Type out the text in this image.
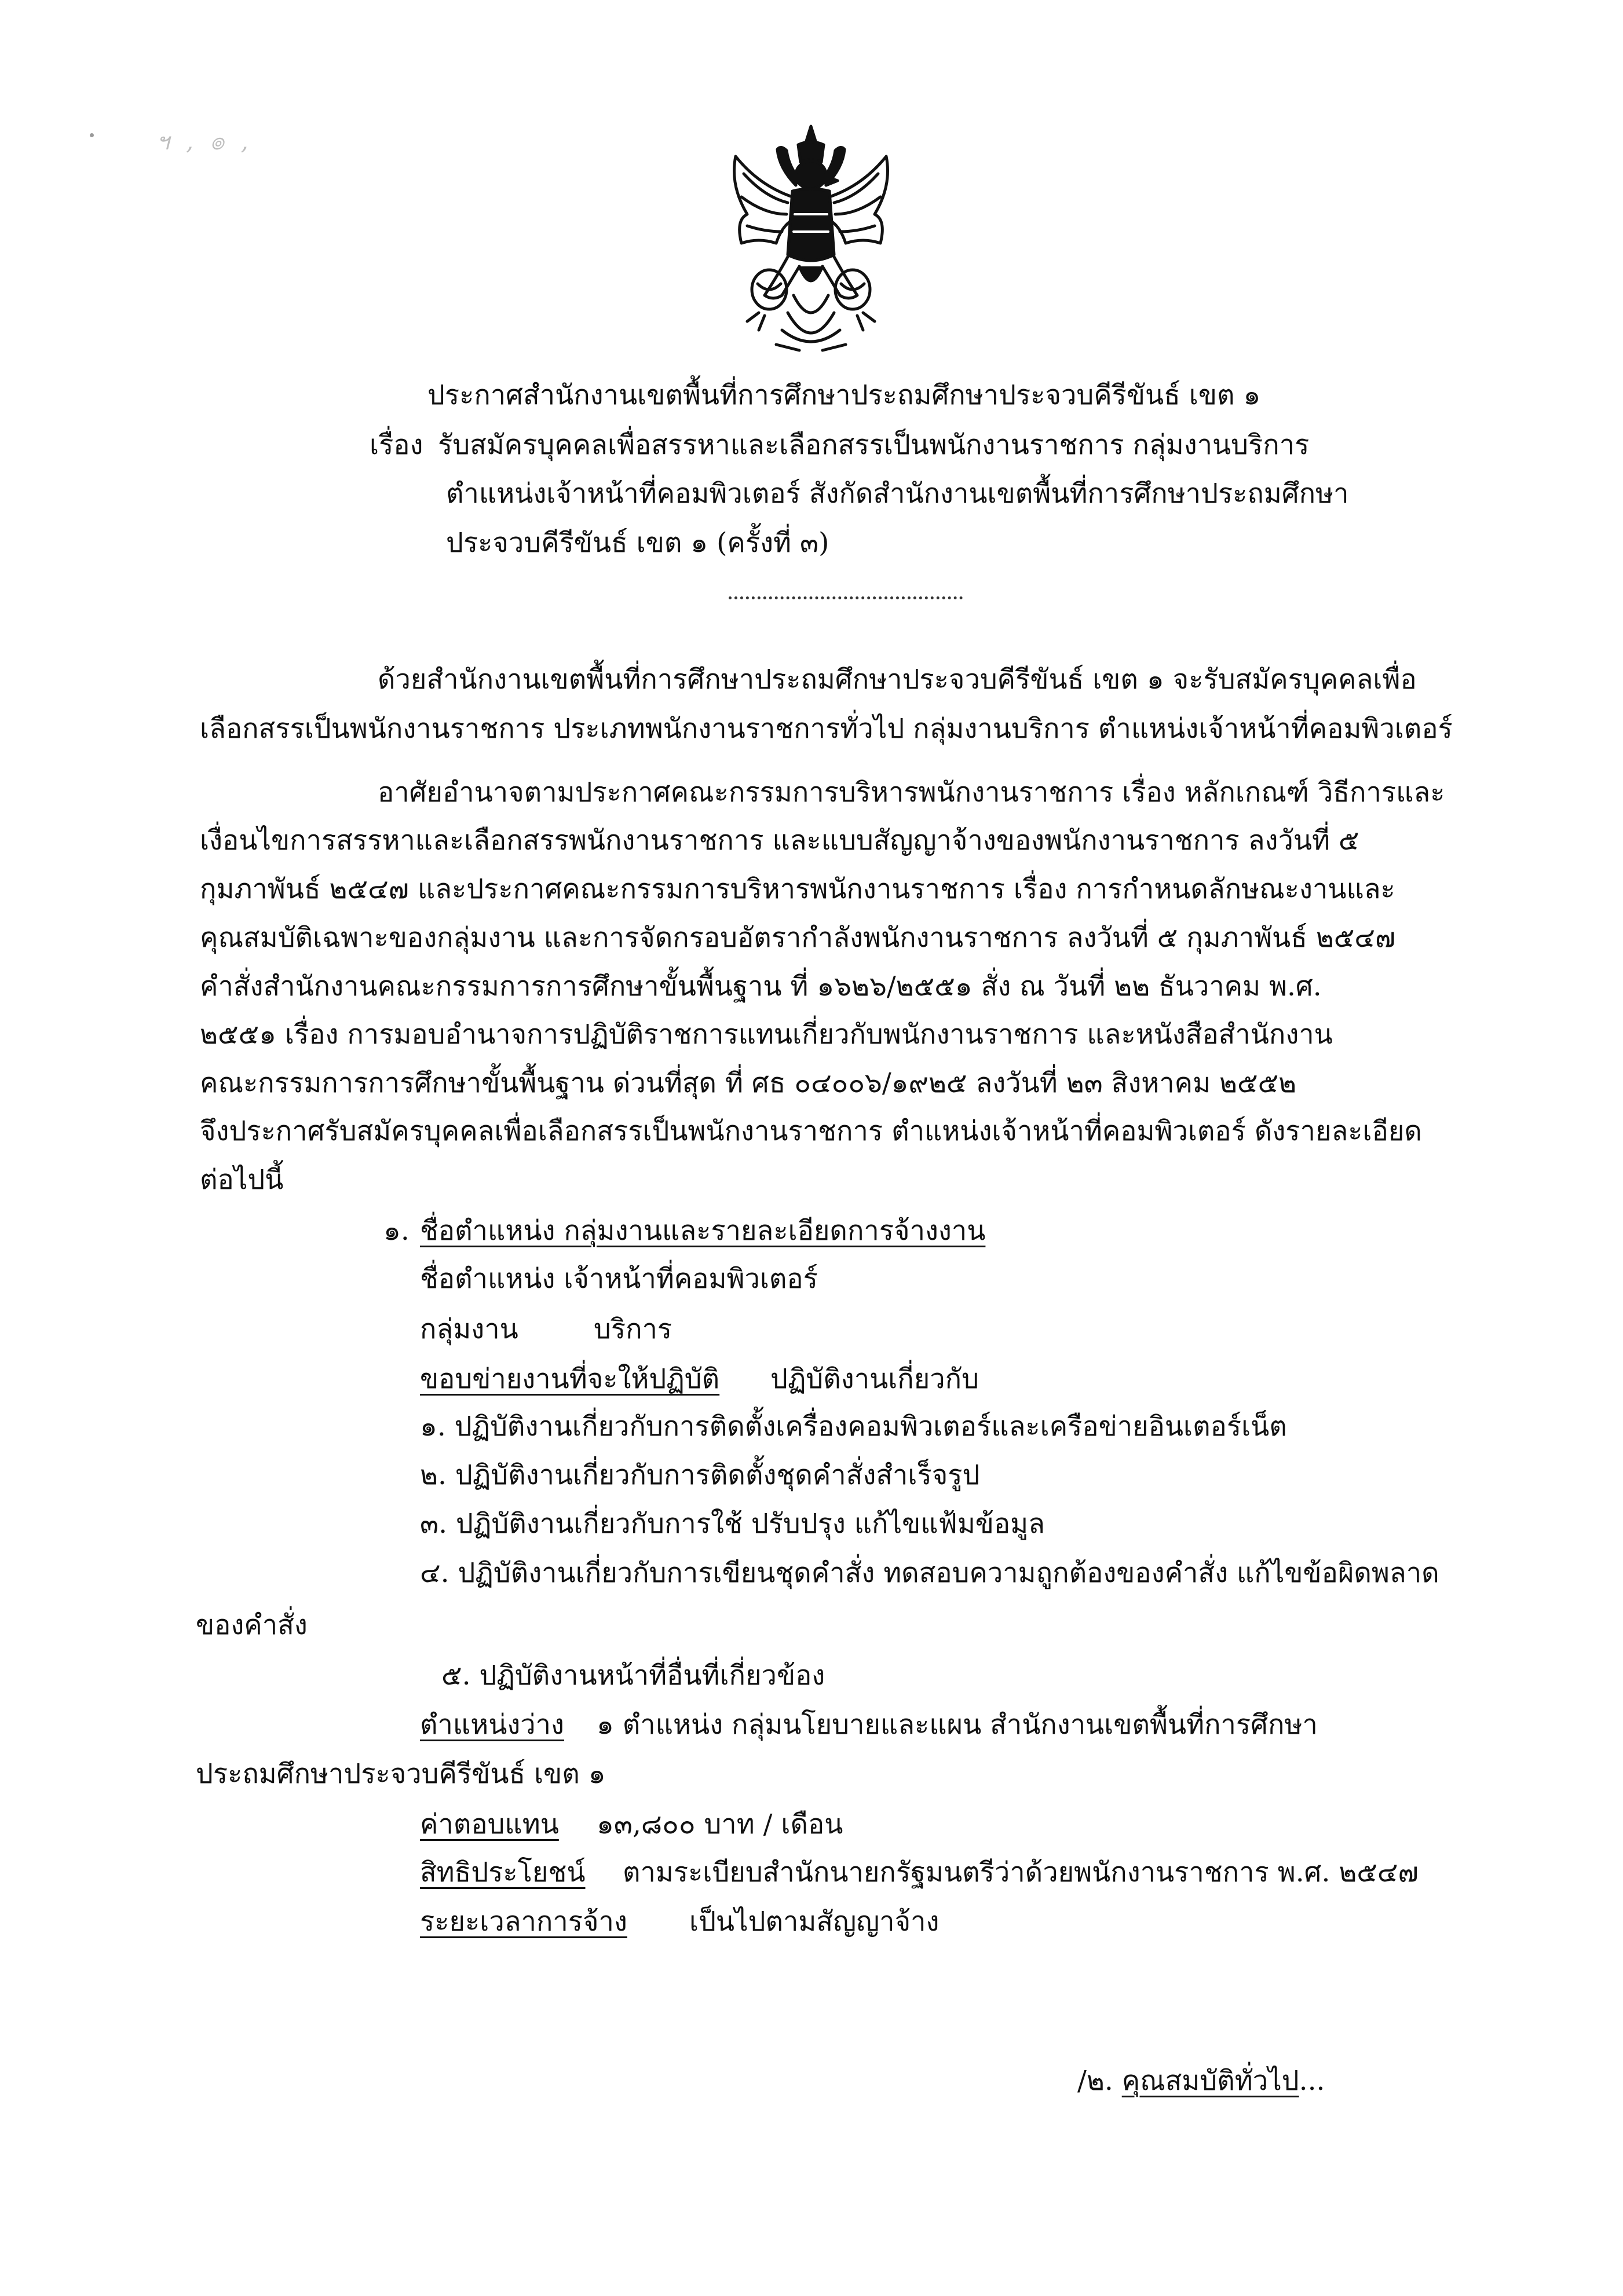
ฯ , ๏ ,
ประกาศสำนักงานเขตพื้นที่การศึกษาประถมศึกษาประจวบคีรีขันธ์ เขต ๑
เรื่อง รับสมัครบุคคลเพื่อสรรหาและเลือกสรรเป็นพนักงานราชการ กลุ่มงานบริการ
ตำแหน่งเจ้าหน้าที่คอมพิวเตอร์ สังกัดสำนักงานเขตพื้นที่การศึกษาประถมศึกษา
ประจวบคีรีขันธ์ เขต ๑ (ครั้งที่ ๓)
ด้วยสำนักงานเขตพื้นที่การศึกษาประถมศึกษาประจวบคีรีขันธ์ เขต ๑ จะรับสมัครบุคคลเพื่อ
เลือกสรรเป็นพนักงานราชการ ประเภทพนักงานราชการทั่วไป กลุ่มงานบริการ ตำแหน่งเจ้าหน้าที่คอมพิวเตอร์
อาศัยอำนาจตามประกาศคณะกรรมการบริหารพนักงานราชการ เรื่อง หลักเกณฑ์ วิธีการและ
เงื่อนไขการสรรหาและเลือกสรรพนักงานราชการ และแบบสัญญาจ้างของพนักงานราชการ ลงวันที่ ๕
กุมภาพันธ์ ๒๕๔๗ และประกาศคณะกรรมการบริหารพนักงานราชการ เรื่อง การกำหนดลักษณะงานและ
คุณสมบัติเฉพาะของกลุ่มงาน และการจัดกรอบอัตรากำลังพนักงานราชการ ลงวันที่ ๕ กุมภาพันธ์ ๒๕๔๗
คำสั่งสำนักงานคณะกรรมการการศึกษาขั้นพื้นฐาน ที่ ๑๖๒๖/๒๕๕๑ สั่ง ณ วันที่ ๒๒ ธันวาคม พ.ศ.
๒๕๕๑ เรื่อง การมอบอำนาจการปฏิบัติราชการแทนเกี่ยวกับพนักงานราชการ และหนังสือสำนักงาน
คณะกรรมการการศึกษาขั้นพื้นฐาน ด่วนที่สุด ที่ ศธ ๐๔๐๐๖/๑๙๒๕ ลงวันที่ ๒๓ สิงหาคม ๒๕๕๒
จึงประกาศรับสมัครบุคคลเพื่อเลือกสรรเป็นพนักงานราชการ ตำแหน่งเจ้าหน้าที่คอมพิวเตอร์ ดังรายละเอียด
ต่อไปนี้
๑. ชื่อตำแหน่ง กลุ่มงานและรายละเอียดการจ้างงาน
ชื่อตำแหน่ง เจ้าหน้าที่คอมพิวเตอร์
กลุ่มงาน	บริการ
ขอบข่ายงานที่จะให้ปฏิบัติ ปฏิบัติงานเกี่ยวกับ
๑. ปฏิบัติงานเกี่ยวกับการติดตั้งเครื่องคอมพิวเตอร์และเครือข่ายอินเตอร์เน็ต
๒. ปฏิบัติงานเกี่ยวกับการติดตั้งชุดคำสั่งสำเร็จรูป
๓. ปฏิบัติงานเกี่ยวกับการใช้ ปรับปรุง แก้ไขแฟ้มข้อมูล
๔. ปฏิบัติงานเกี่ยวกับการเขียนชุดคำสั่ง ทดสอบความถูกต้องของคำสั่ง แก้ไขข้อผิดพลาด
ของคำสั่ง
๕. ปฏิบัติงานหน้าที่อื่นที่เกี่ยวข้อง
ตำแหน่งว่าง ๑ ตำแหน่ง กลุ่มนโยบายและแผน สำนักงานเขตพื้นที่การศึกษา
ประถมศึกษาประจวบคีรีขันธ์ เขต ๑
ค่าตอบแทน ๑๓,๘๐๐ บาท / เดือน
สิทธิประโยชน์ ตามระเบียบสำนักนายกรัฐมนตรีว่าด้วยพนักงานราชการ พ.ศ. ๒๕๔๗
ระยะเวลาการจ้าง เป็นไปตามสัญญาจ้าง
/๒. คุณสมบัติทั่วไป...
